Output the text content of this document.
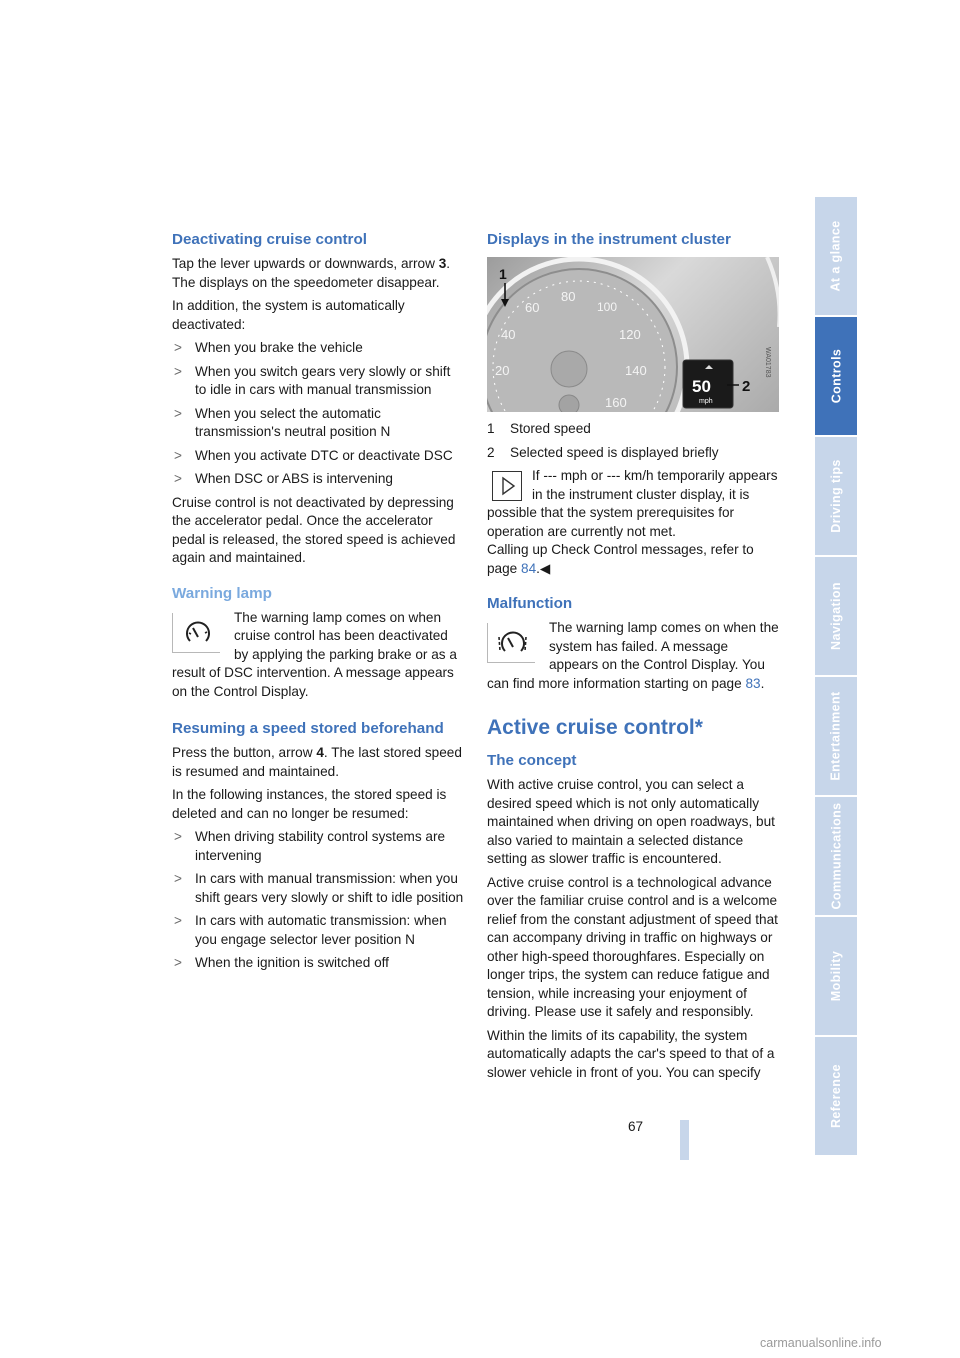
Deactivating cruise control

Tap the lever upwards or downwards, arrow 3. The displays on the speedometer disappear.

In addition, the system is automatically deactivated:

> When you brake the vehicle
> When you switch gears very slowly or shift to idle in cars with manual transmission
> When you select the automatic transmission's neutral position N
> When you activate DTC or deactivate DSC
> When DSC or ABS is intervening

Cruise control is not deactivated by depressing the accelerator pedal. Once the accelerator pedal is released, the stored speed is achieved again and maintained.

Warning lamp

The warning lamp comes on when cruise control has been deactivated by applying the parking brake or as a result of DSC intervention. A message appears on the Control Display.

Resuming a speed stored beforehand

Press the button, arrow 4. The last stored speed is resumed and maintained.

In the following instances, the stored speed is deleted and can no longer be resumed:

> When driving stability control systems are intervening
> In cars with manual transmission: when you shift gears very slowly or shift to idle position
> In cars with automatic transmission: when you engage selector lever position N
> When the ignition is switched off
Displays in the instrument cluster
60
80
100
120
140
160
40
20
1
50
mph
2
WA01783
1 Stored speed
2 Selected speed is displayed briefly

If --- mph or --- km/h temporarily appears in the instrument cluster display, it is possible that the system prerequisites for operation are currently not met.

Calling up Check Control messages, refer to page 84.◀

Malfunction

The warning lamp comes on when the system has failed. A message appears on the Control Display. You can find more information starting on page 83.

Active cruise control*
The concept

With active cruise control, you can select a desired speed which is not only automatically maintained when driving on open roadways, but also varied to maintain a selected distance setting as slower traffic is encountered.

Active cruise control is a technological advance over the familiar cruise control and is a welcome relief from the constant adjustment of speed that can accompany driving in traffic on highways or other high-speed thoroughfares. Especially on longer trips, the system can reduce fatigue and tension, while increasing your enjoyment of driving. Please use it safely and responsibly.

Within the limits of its capability, the system automatically adapts the car's speed to that of a slower vehicle in front of you. You can specify

At a glance
Controls
Driving tips
Navigation
Entertainment
Communications
Mobility
Reference
67
carmanualsonline.info
